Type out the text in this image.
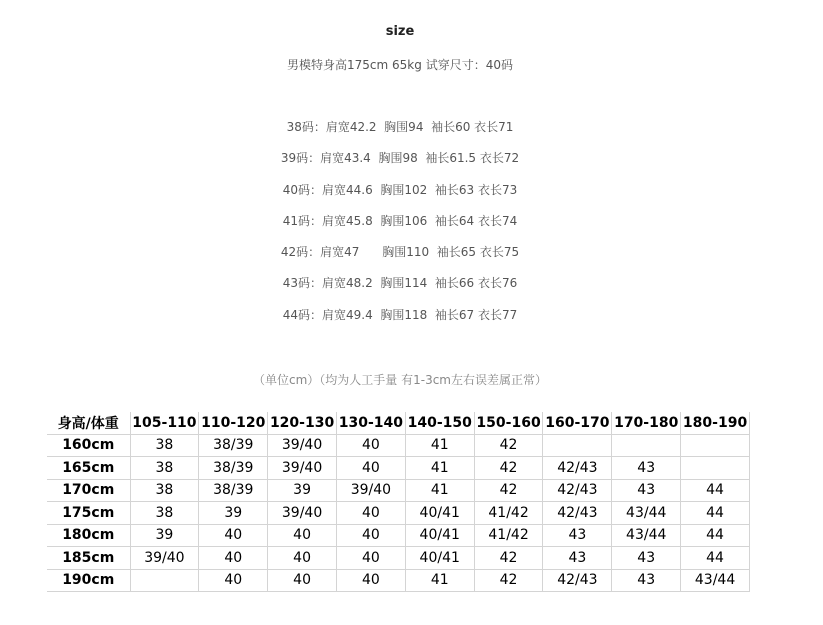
size
男模特身高175cm 65kg 试穿尺寸：40码
38码：肩宽42.2  胸围94  袖长60 衣长71
39码：肩宽43.4  胸围98  袖长61.5 衣长72
40码：肩宽44.6  胸围102  袖长63 衣长73
41码：肩宽45.8  胸围106  袖长64 衣长74
42码：肩宽47      胸围110  袖长65 衣长75
43码：肩宽48.2  胸围114  袖长66 衣长76
44码：肩宽49.4  胸围118  袖长67 衣长77
（单位cm）（均为人工手量 有1-3cm左右误差属正常）
身高/体重	105-110	110-120	120-130	130-140	140-150	150-160	160-170	170-180	180-190
160cm	38	38/39	39/40	40	41	42			
165cm	38	38/39	39/40	40	41	42	42/43	43	
170cm	38	38/39	39	39/40	41	42	42/43	43	44
175cm	38	39	39/40	40	40/41	41/42	42/43	43/44	44
180cm	39	40	40	40	40/41	41/42	43	43/44	44
185cm	39/40	40	40	40	40/41	42	43	43	44
190cm		40	40	40	41	42	42/43	43	43/44
